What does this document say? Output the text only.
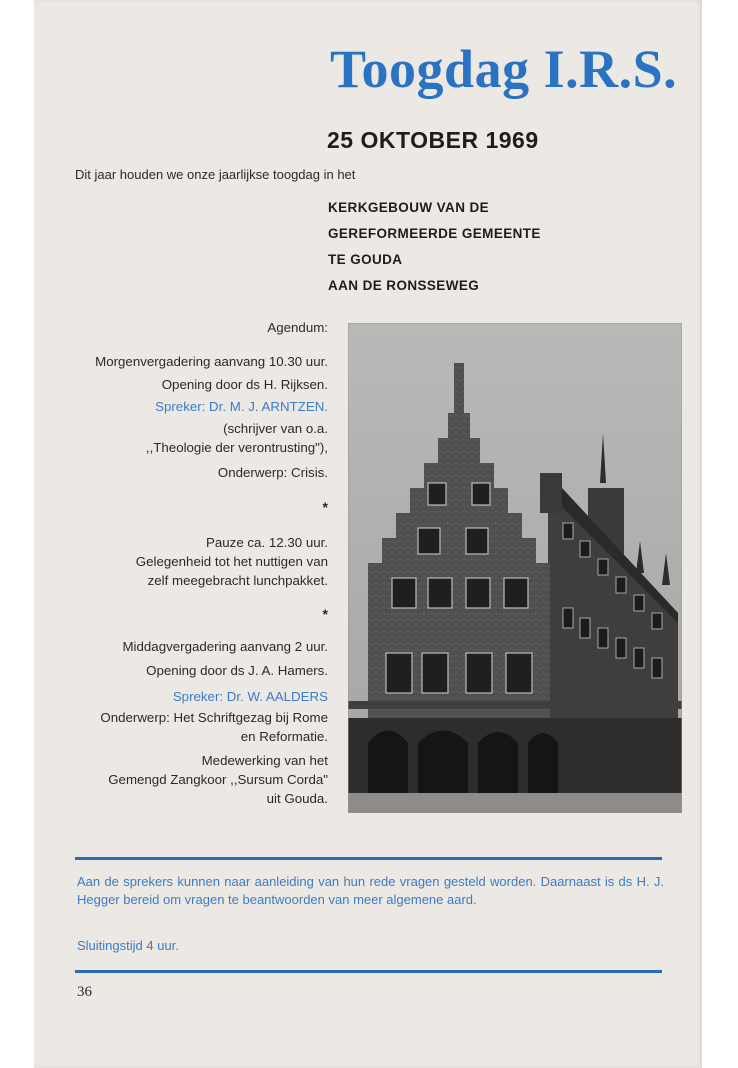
Toogdag I.R.S.
25 OKTOBER 1969
Dit jaar houden we onze jaarlijkse toogdag in het
KERKGEBOUW VAN DE
GEREFORMEERDE GEMEENTE
TE GOUDA
AAN DE RONSSEWEG
Agendum:
Morgenvergadering aanvang 10.30 uur.
Opening door ds H. Rijksen.
Spreker: Dr. M. J. ARNTZEN.
(schrijver van o.a.
,,Theologie der verontrusting"),
Onderwerp: Crisis.
*
Pauze ca. 12.30 uur.
Gelegenheid tot het nuttigen van
zelf meegebracht lunchpakket.
*
Middagvergadering aanvang 2 uur.
Opening door ds J. A. Hamers.
Spreker: Dr. W. AALDERS
Onderwerp: Het Schriftgezag bij Rome
en Reformatie.
Medewerking van het
Gemengd Zangkoor ,,Sursum Corda"
uit Gouda.
Aan de sprekers kunnen naar aanleiding van hun rede vragen gesteld worden. Daarnaast is ds H. J. Hegger bereid om vragen te beantwoorden van meer algemene aard.
Sluitingstijd 4 uur.
36
